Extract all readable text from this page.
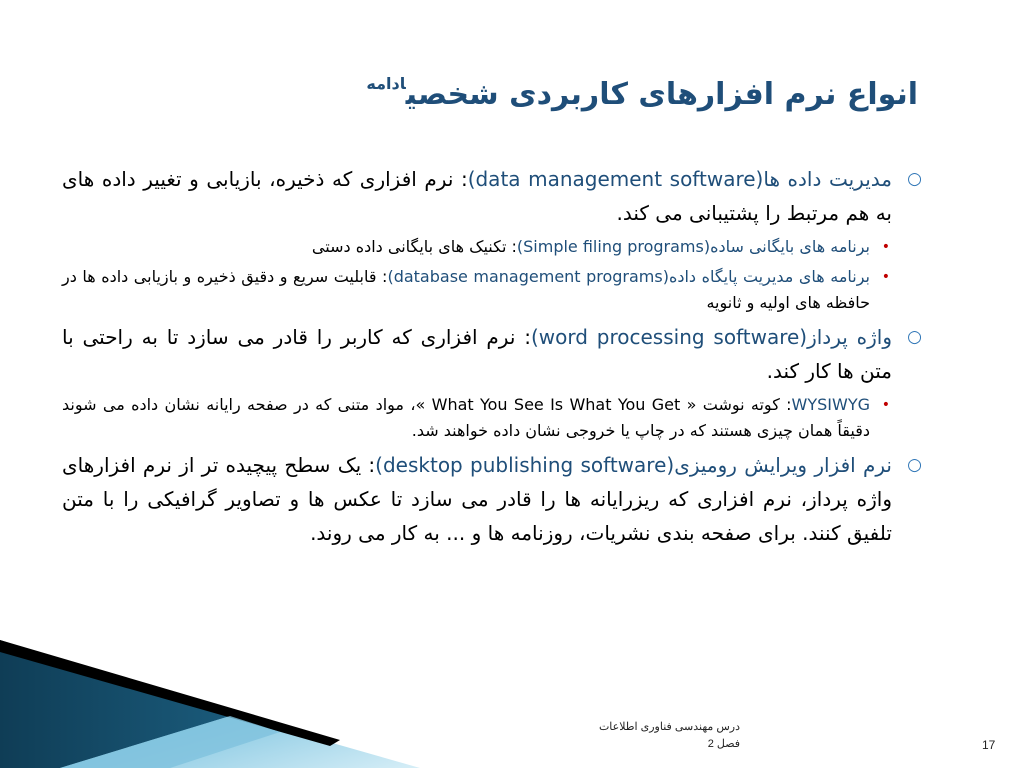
انواع نرم افزارهای کاربردی شخصی$^{ادامه}$
○
مدیریت داده ها(data management software): نرم افزاری که ذخیره، بازیابی و تغییر داده های به هم مرتبط را پشتیبانی می کند.
•
برنامه های بایگانی ساده(Simple filing programs): تکنیک های بایگانی داده دستی
•
برنامه های مدیریت پایگاه داده(database management programs): قابلیت سریع و دقیق ذخیره و بازیابی داده ها در حافظه های اولیه و ثانویه
○
واژه پرداز(word processing software): نرم افزاری که کاربر را قادر می سازد تا به راحتی با متن ها کار کند.
•
WYSIWYG: کوته نوشت « What You See Is What You Get »، مواد متنی که در صفحه رایانه نشان داده می شوند دقیقاً همان چیزی هستند که در چاپ یا خروجی نشان داده خواهند شد.
○
نرم افزار ویرایش رومیزی(desktop publishing software): یک سطح پیچیده تر از نرم افزارهای واژه پرداز، نرم افزاری که ریزرایانه ها را قادر می سازد تا عکس ها و تصاویر گرافیکی را با متن تلفیق کنند. برای صفحه بندی نشریات، روزنامه ها و ... به کار می روند.
درس مهندسی فناوری اطلاعات
فصل 2	17
